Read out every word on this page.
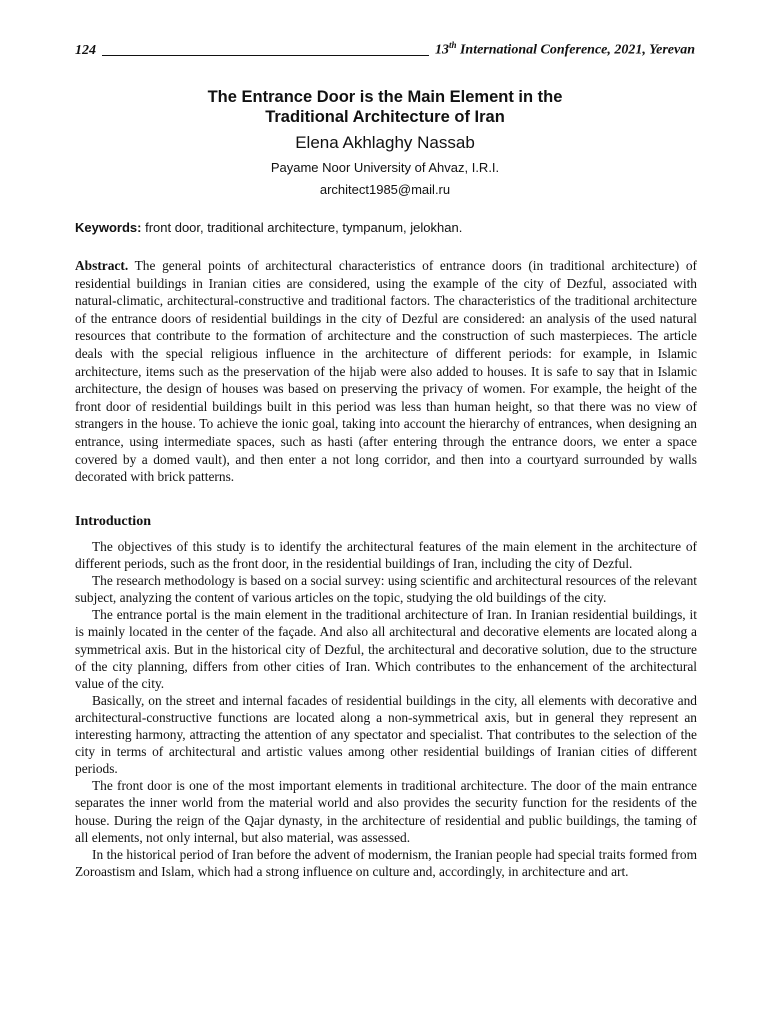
124	13th International Conference, 2021, Yerevan
The Entrance Door is the Main Element in the
Traditional Architecture of Iran
Elena Akhlaghy Nassab
Payame Noor University of Ahvaz, I.R.I.
architect1985@mail.ru
Keywords: front door, traditional architecture, tympanum, jelokhan.

Abstract. The general points of architectural characteristics of entrance doors (in traditional architecture) of residential buildings in Iranian cities are considered, using the example of the city of Dezful, associated with natural-climatic, architectural-constructive and traditional factors. The characteristics of the traditional architecture of the entrance doors of residential buildings in the city of Dezful are considered: an analysis of the used natural resources that contribute to the formation of architecture and the construction of such masterpieces. The article deals with the special religious influence in the architecture of different periods: for example, in Islamic architecture, items such as the preservation of the hijab were also added to houses. It is safe to say that in Islamic architecture, the design of houses was based on preserving the privacy of women. For example, the height of the front door of residential buildings built in this period was less than human height, so that there was no view of strangers in the house. To achieve the ionic goal, taking into account the hierarchy of entrances, when designing an entrance, using intermediate spaces, such as hasti (after entering through the entrance doors, we enter a space covered by a domed vault), and then enter a not long corridor, and then into a courtyard surrounded by walls decorated with brick patterns.

Introduction

The objectives of this study is to identify the architectural features of the main element in the architecture of different periods, such as the front door, in the residential buildings of Iran, including the city of Dezful.

The research methodology is based on a social survey: using scientific and architectural resources of the relevant subject, analyzing the content of various articles on the topic, studying the old buildings of the city.

The entrance portal is the main element in the traditional architecture of Iran. In Iranian residential buildings, it is mainly located in the center of the façade. And also all architectural and decorative elements are located along a symmetrical axis. But in the historical city of Dezful, the architectural and decorative solution, due to the structure of the city planning, differs from other cities of Iran. Which contributes to the enhancement of the architectural value of the city.

Basically, on the street and internal facades of residential buildings in the city, all elements with decorative and architectural-constructive functions are located along a non-symmetrical axis, but in general they represent an interesting harmony, attracting the attention of any spectator and specialist. That contributes to the selection of the city in terms of architectural and artistic values among other residential buildings of Iranian cities of different periods.

The front door is one of the most important elements in traditional architecture. The door of the main entrance separates the inner world from the material world and also provides the security function for the residents of the house. During the reign of the Qajar dynasty, in the architecture of residential and public buildings, the taming of all elements, not only internal, but also material, was assessed.

In the historical period of Iran before the advent of modernism, the Iranian people had special traits formed from Zoroastism and Islam, which had a strong influence on culture and, accordingly, in architecture and art.
